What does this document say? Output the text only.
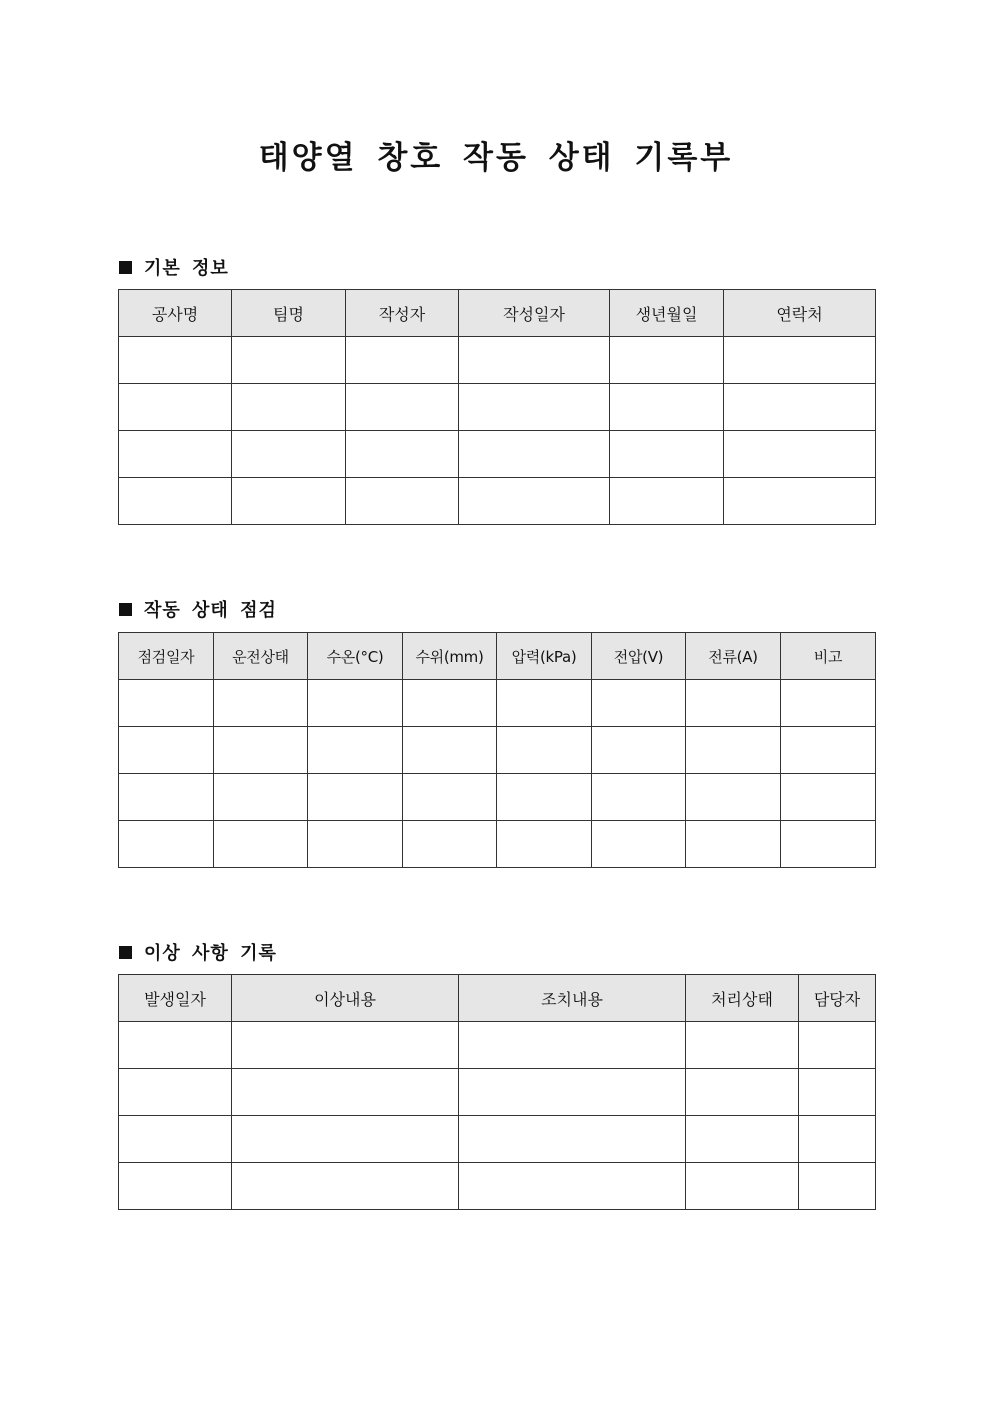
태양열 창호 작동 상태 기록부
기본 정보
공사명	팀명	작성자	작성일자	생년월일	연락처

작동 상태 점검
점검일자	운전상태	수온(°C)	수위(mm)	압력(kPa)	전압(V)	전류(A)	비고

이상 사항 기록
발생일자	이상내용	조치내용	처리상태	담당자
